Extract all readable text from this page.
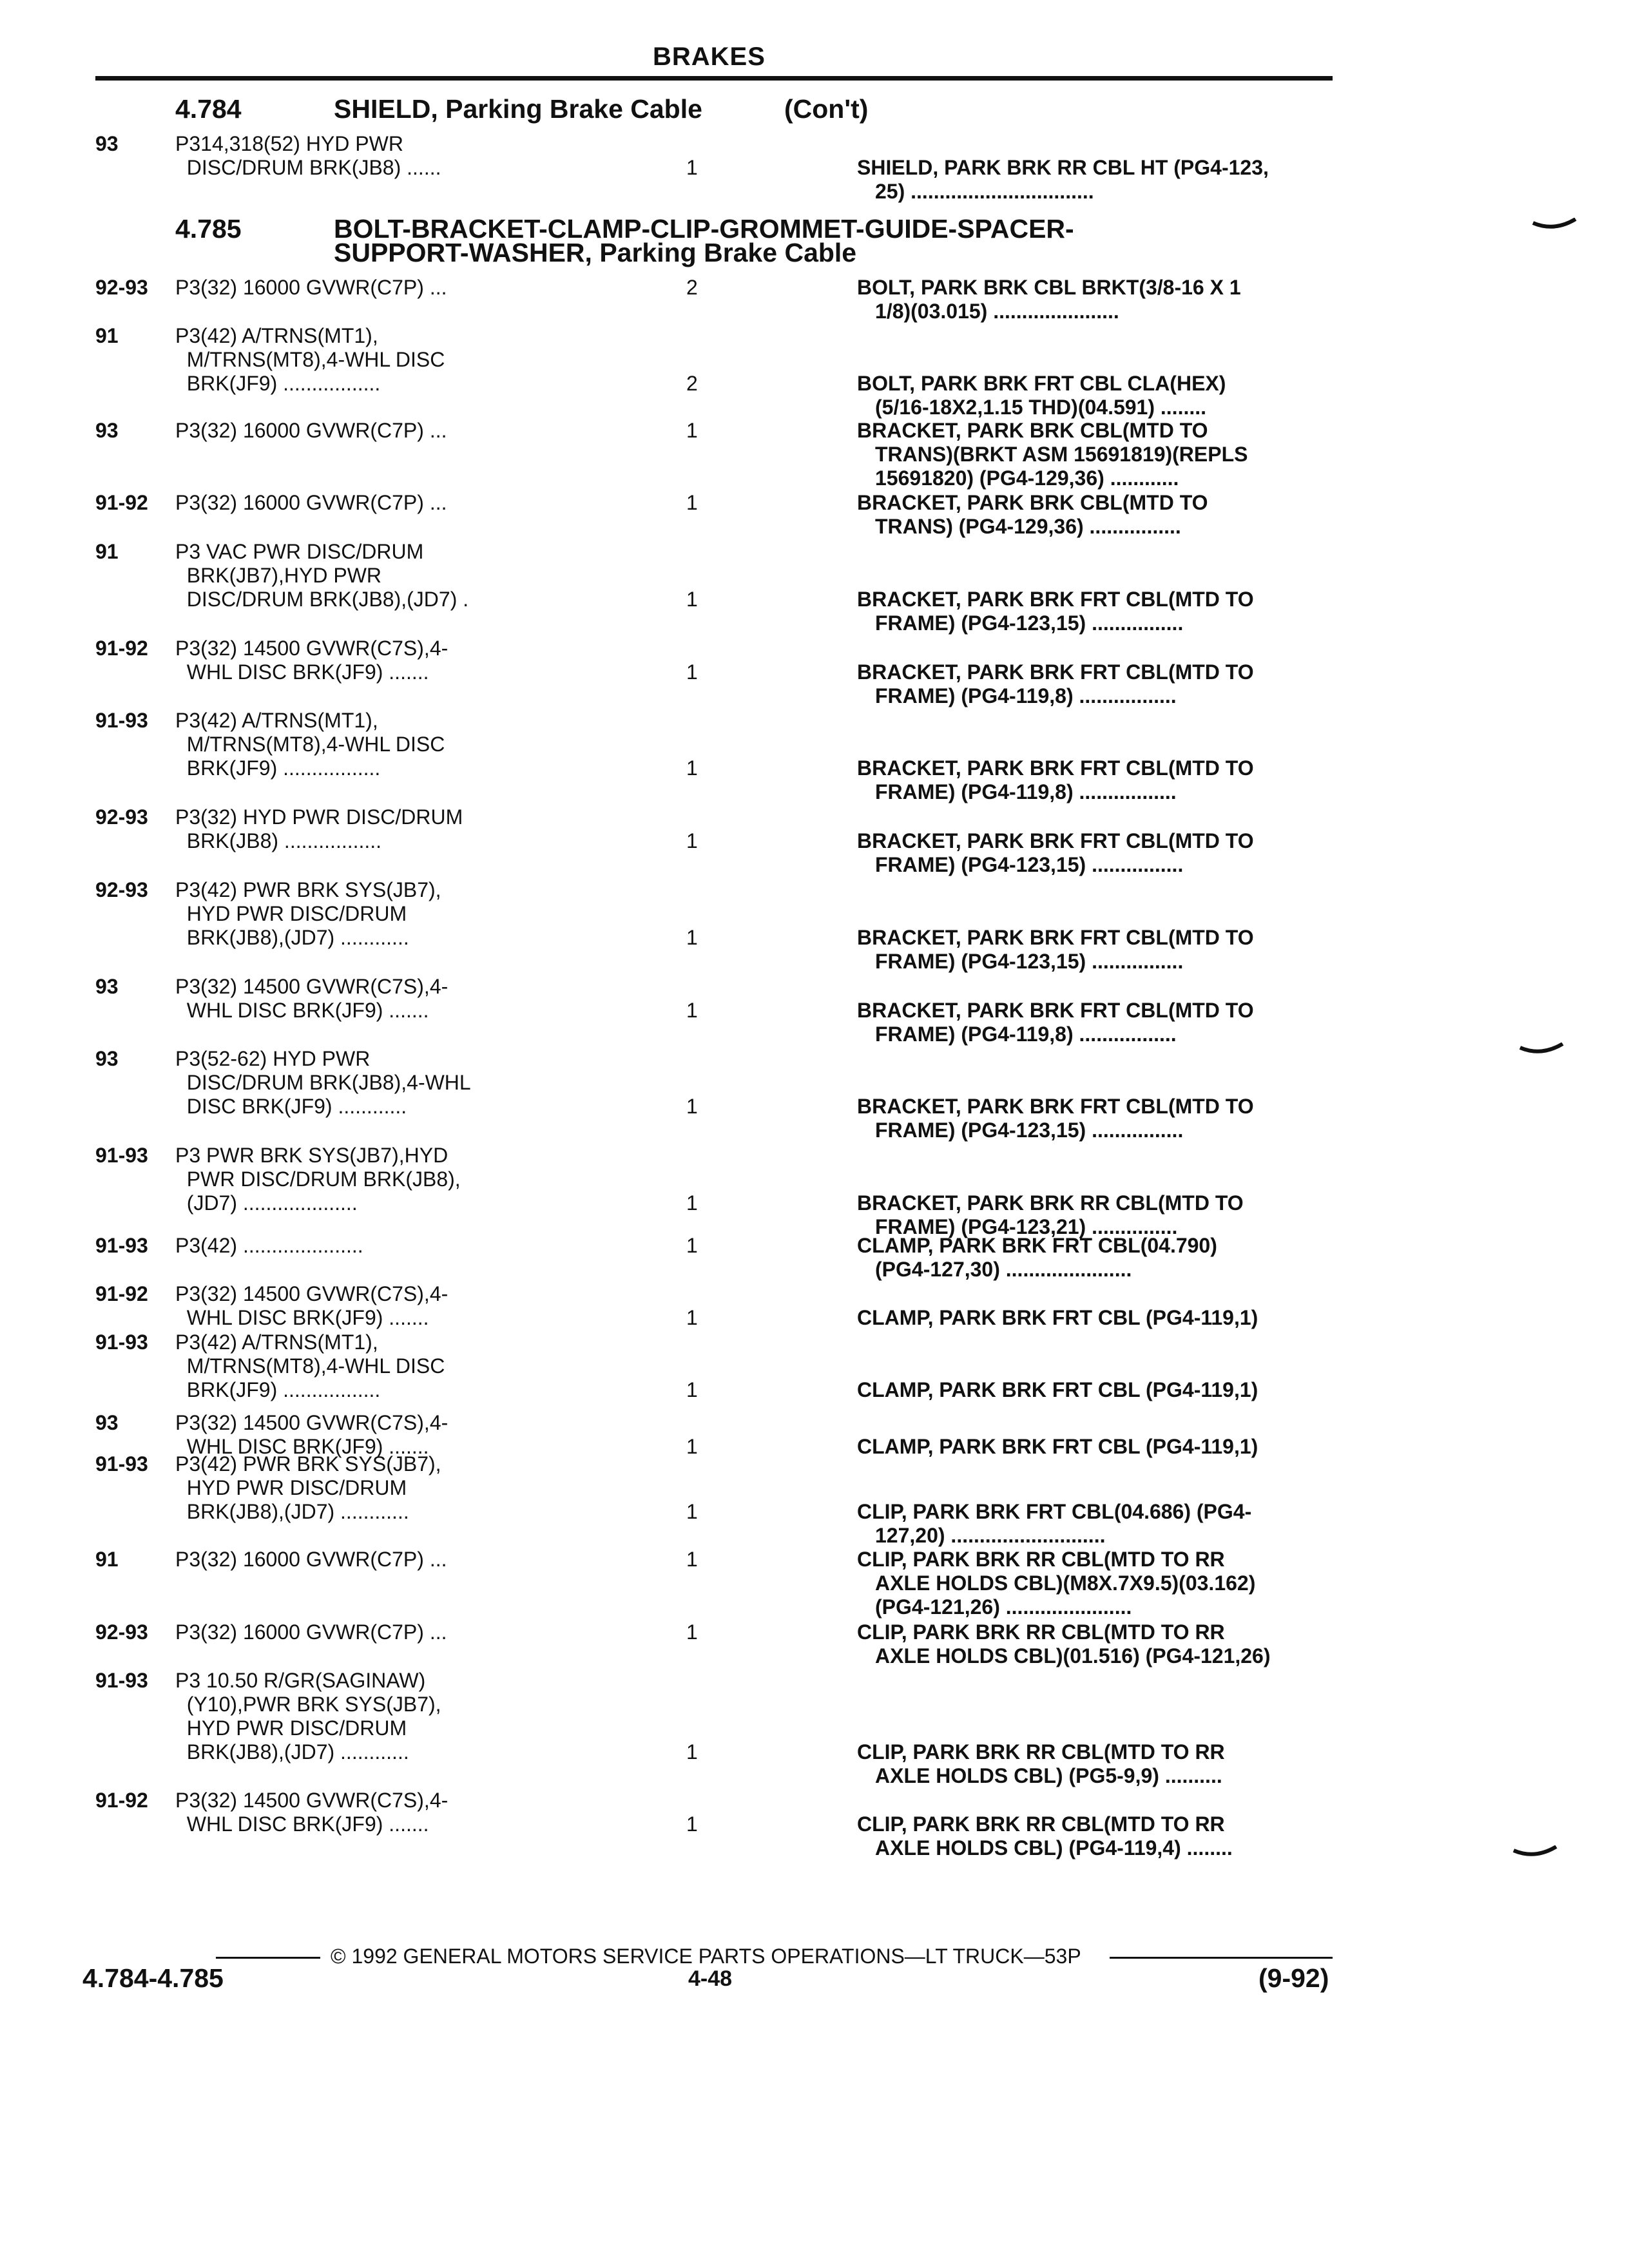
BRAKES
4.784	SHIELD, Parking Brake Cable	(Con't)
4.785	BOLT-BRACKET-CLAMP-CLIP-GROMMET-GUIDE-SPACER-
SUPPORT-WASHER, Parking Brake Cable
93	P314,318(52) HYD PWR
DISC/DRUM BRK(JB8) ......	1	SHIELD, PARK BRK RR CBL HT (PG4-123,
25) ................................
92-93	P3(32) 16000 GVWR(C7P) ...	2	BOLT, PARK BRK CBL BRKT(3/8-16 X 1
1/8)(03.015) ......................
91	P3(42) A/TRNS(MT1),
M/TRNS(MT8),4-WHL DISC
BRK(JF9) .................	2	BOLT, PARK BRK FRT CBL CLA(HEX)
(5/16-18X2,1.15 THD)(04.591) ........
93	P3(32) 16000 GVWR(C7P) ...	1	BRACKET, PARK BRK CBL(MTD TO
TRANS)(BRKT ASM 15691819)(REPLS
15691820) (PG4-129,36) ............
91-92	P3(32) 16000 GVWR(C7P) ...	1	BRACKET, PARK BRK CBL(MTD TO
TRANS) (PG4-129,36) ................
91	P3 VAC PWR DISC/DRUM
BRK(JB7),HYD PWR
DISC/DRUM BRK(JB8),(JD7) .	1	BRACKET, PARK BRK FRT CBL(MTD TO
FRAME) (PG4-123,15) ................
91-92	P3(32) 14500 GVWR(C7S),4-
WHL DISC BRK(JF9) .......	1	BRACKET, PARK BRK FRT CBL(MTD TO
FRAME) (PG4-119,8) .................
91-93	P3(42) A/TRNS(MT1),
M/TRNS(MT8),4-WHL DISC
BRK(JF9) .................	1	BRACKET, PARK BRK FRT CBL(MTD TO
FRAME) (PG4-119,8) .................
92-93	P3(32) HYD PWR DISC/DRUM
BRK(JB8) .................	1	BRACKET, PARK BRK FRT CBL(MTD TO
FRAME) (PG4-123,15) ................
92-93	P3(42) PWR BRK SYS(JB7),
HYD PWR DISC/DRUM
BRK(JB8),(JD7) ............	1	BRACKET, PARK BRK FRT CBL(MTD TO
FRAME) (PG4-123,15) ................
93	P3(32) 14500 GVWR(C7S),4-
WHL DISC BRK(JF9) .......	1	BRACKET, PARK BRK FRT CBL(MTD TO
FRAME) (PG4-119,8) .................
93	P3(52-62) HYD PWR
DISC/DRUM BRK(JB8),4-WHL
DISC BRK(JF9) ............	1	BRACKET, PARK BRK FRT CBL(MTD TO
FRAME) (PG4-123,15) ................
91-93	P3 PWR BRK SYS(JB7),HYD
PWR DISC/DRUM BRK(JB8),
(JD7) ....................	1	BRACKET, PARK BRK RR CBL(MTD TO
FRAME) (PG4-123,21) ...............
91-93	P3(42) .....................	1	CLAMP, PARK BRK FRT CBL(04.790)
(PG4-127,30) ......................
91-92	P3(32) 14500 GVWR(C7S),4-
WHL DISC BRK(JF9) .......	1	CLAMP, PARK BRK FRT CBL (PG4-119,1)
91-93	P3(42) A/TRNS(MT1),
M/TRNS(MT8),4-WHL DISC
BRK(JF9) .................	1	CLAMP, PARK BRK FRT CBL (PG4-119,1)
93	P3(32) 14500 GVWR(C7S),4-
WHL DISC BRK(JF9) .......	1	CLAMP, PARK BRK FRT CBL (PG4-119,1)
91-93	P3(42) PWR BRK SYS(JB7),
HYD PWR DISC/DRUM
BRK(JB8),(JD7) ............	1	CLIP, PARK BRK FRT CBL(04.686) (PG4-
127,20) ...........................
91	P3(32) 16000 GVWR(C7P) ...	1	CLIP, PARK BRK RR CBL(MTD TO RR
AXLE HOLDS CBL)(M8X.7X9.5)(03.162)
(PG4-121,26) ......................
92-93	P3(32) 16000 GVWR(C7P) ...	1	CLIP, PARK BRK RR CBL(MTD TO RR
AXLE HOLDS CBL)(01.516) (PG4-121,26)
91-93	P3 10.50 R/GR(SAGINAW)
(Y10),PWR BRK SYS(JB7),
HYD PWR DISC/DRUM
BRK(JB8),(JD7) ............	1	CLIP, PARK BRK RR CBL(MTD TO RR
AXLE HOLDS CBL) (PG5-9,9) ..........
91-92	P3(32) 14500 GVWR(C7S),4-
WHL DISC BRK(JF9) .......	1	CLIP, PARK BRK RR CBL(MTD TO RR
AXLE HOLDS CBL) (PG4-119,4) ........
© 1992 GENERAL MOTORS SERVICE PARTS OPERATIONS—LT TRUCK—53P
4.784-4.785	4-48	(9-92)
